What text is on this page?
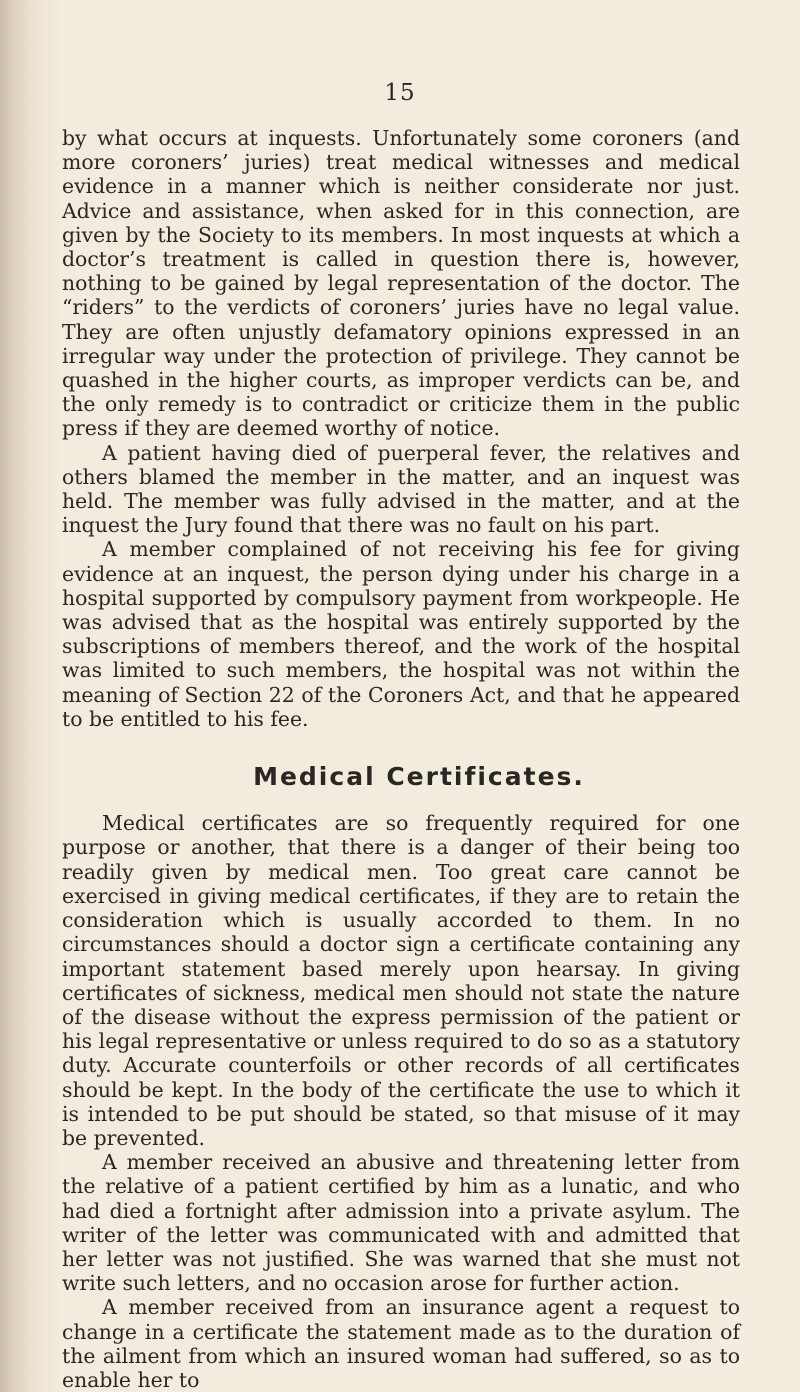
15

by what occurs at inquests. Unfortunately some coroners (and more coroners’ juries) treat medical witnesses and medical evidence in a manner which is neither considerate nor just. Advice and assistance, when asked for in this connection, are given by the Society to its members. In most inquests at which a doctor’s treatment is called in question there is, however, nothing to be gained by legal representation of the doctor. The “riders” to the verdicts of coroners’ juries have no legal value. They are often unjustly defamatory opinions expressed in an irregular way under the protection of privilege. They cannot be quashed in the higher courts, as improper verdicts can be, and the only remedy is to contradict or criticize them in the public press if they are deemed worthy of notice.

A patient having died of puerperal fever, the relatives and others blamed the member in the matter, and an inquest was held. The member was fully advised in the matter, and at the inquest the Jury found that there was no fault on his part.

A member complained of not receiving his fee for giving evidence at an inquest, the person dying under his charge in a hospital supported by compulsory payment from workpeople. He was advised that as the hospital was entirely supported by the subscriptions of members thereof, and the work of the hospital was limited to such members, the hospital was not within the meaning of Section 22 of the Coroners Act, and that he appeared to be entitled to his fee.

Medical Certificates.

Medical certificates are so frequently required for one purpose or another, that there is a danger of their being too readily given by medical men. Too great care cannot be exercised in giving medical certificates, if they are to retain the consideration which is usually accorded to them. In no circumstances should a doctor sign a certificate containing any important statement based merely upon hearsay. In giving certificates of sickness, medical men should not state the nature of the disease without the express permission of the patient or his legal representative or unless required to do so as a statutory duty. Accurate counterfoils or other records of all certificates should be kept. In the body of the certificate the use to which it is intended to be put should be stated, so that misuse of it may be prevented.

A member received an abusive and threatening letter from the relative of a patient certified by him as a lunatic, and who had died a fortnight after admission into a private asylum. The writer of the letter was communicated with and admitted that her letter was not justified. She was warned that she must not write such letters, and no occasion arose for further action.

A member received from an insurance agent a request to change in a certificate the statement made as to the duration of the ailment from which an insured woman had suffered, so as to enable her to
